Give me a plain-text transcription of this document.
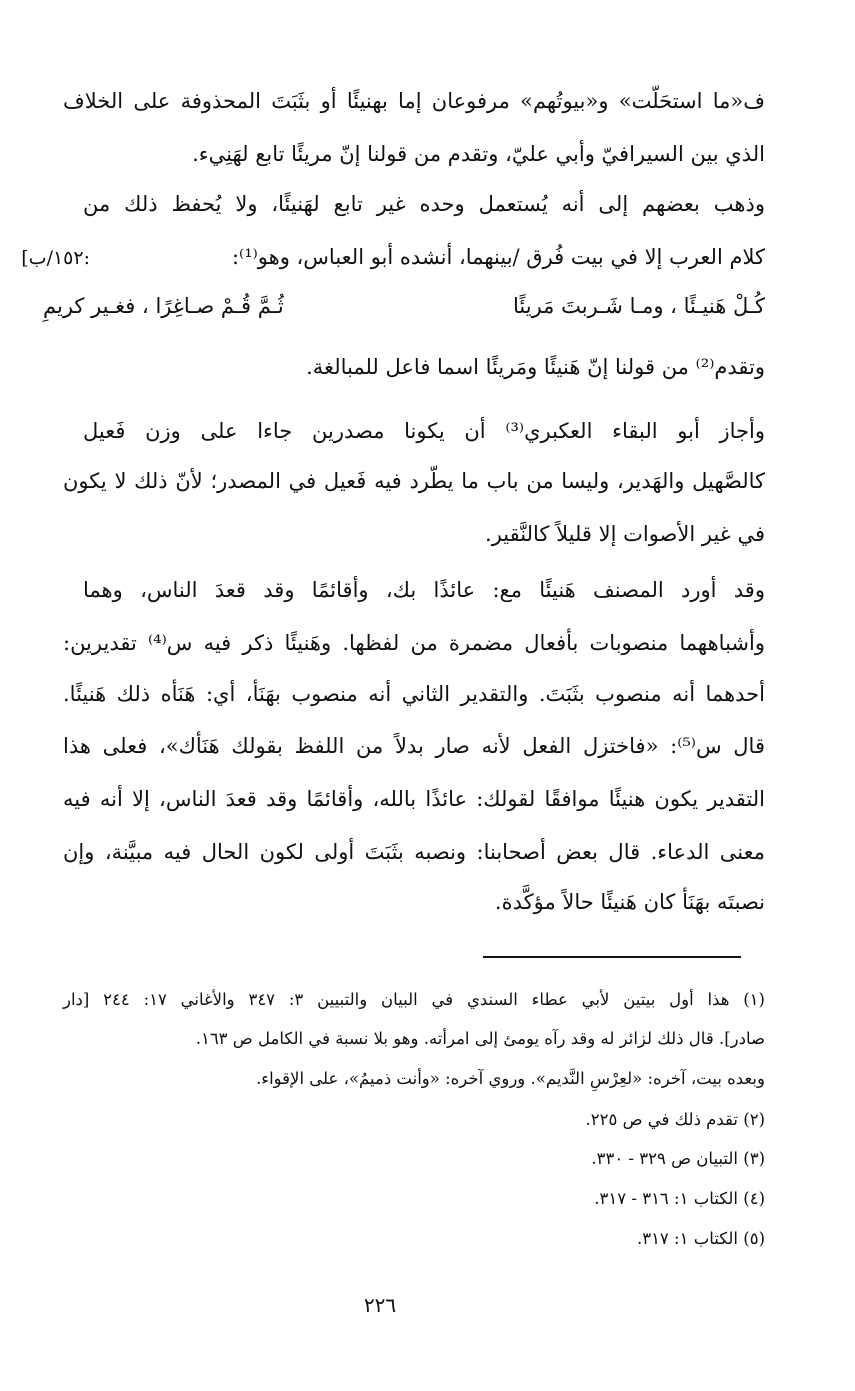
:١٥٢/ب]
ف«ما استحَلّت» و«بيوتُهم» مرفوعان إما بهنيئًا أو بثَبَتَ المحذوفة على الخلاف
الذي بين السيرافيّ وأبي عليّ، وتقدم من قولنا إنّ مريئًا تابع لهَنِيء.
وذهب بعضهم إلى أنه يُستعمل وحده غير تابع لهَنيئًا، ولا يُحفظ ذلك من
كلام العرب إلا في بيت فُرق /بينهما، أنشده أبو العباس، وهو⁽¹⁾:
كُـلْ هَنيـئًا ، ومـا شَـربتَ مَريئًا
ثُـمَّ قُـمْ صـاغِرًا ، فغـير كريمِ
وتقدم⁽²⁾ من قولنا إنّ هَنيئًا ومَريئًا اسما فاعل للمبالغة.
وأجاز أبو البقاء العكبري⁽³⁾ أن يكونا مصدرين جاءا على وزن فَعيل
كالصَّهيل والهَدير، وليسا من باب ما يطّرد فيه فَعيل في المصدر؛ لأنّ ذلك لا يكون
في غير الأصوات إلا قليلاً كالنَّقير.
وقد أورد المصنف هَنيئًا مع: عائذًا بك، وأقائمًا وقد قعدَ الناس، وهما
وأشباههما منصوبات بأفعال مضمرة من لفظها. وهَنيئًا ذكر فيه س⁽⁴⁾ تقديرين:
أحدهما أنه منصوب بثَبَتَ. والتقدير الثاني أنه منصوب بهَنَأ، أي: هَنَأه ذلك هَنيئًا.
قال س⁽⁵⁾: «فاختزل الفعل لأنه صار بدلاً من اللفظ بقولك هَنَأك»، فعلى هذا
التقدير يكون هنيئًا موافقًا لقولك: عائذًا بالله، وأقائمًا وقد قعدَ الناس، إلا أنه فيه
معنى الدعاء. قال بعض أصحابنا: ونصبه بثَبَتَ أولى لكون الحال فيه مبيَّنة، وإن
نصبتَه بهَنَأ كان هَنيئًا حالاً مؤكَّدة.
(١) هذا أول بيتين لأبي عطاء السندي في البيان والتبيين ٣: ٣٤٧ والأغاني ١٧: ٢٤٤ [دار
صادر]. قال ذلك لزائر له وقد رآه يومئ إلى امرأته. وهو بلا نسبة في الكامل ص ١٦٣.
وبعده بيت، آخره: «لعِرْسِ النَّديم». وروي آخره: «وأنت ذميمُ»، على الإقواء.
(٢) تقدم ذلك في ص ٢٢٥.
(٣) التبيان ص ٣٢٩ - ٣٣٠.
(٤) الكتاب ١: ٣١٦ - ٣١٧.
(٥) الكتاب ١: ٣١٧.
٢٢٦
